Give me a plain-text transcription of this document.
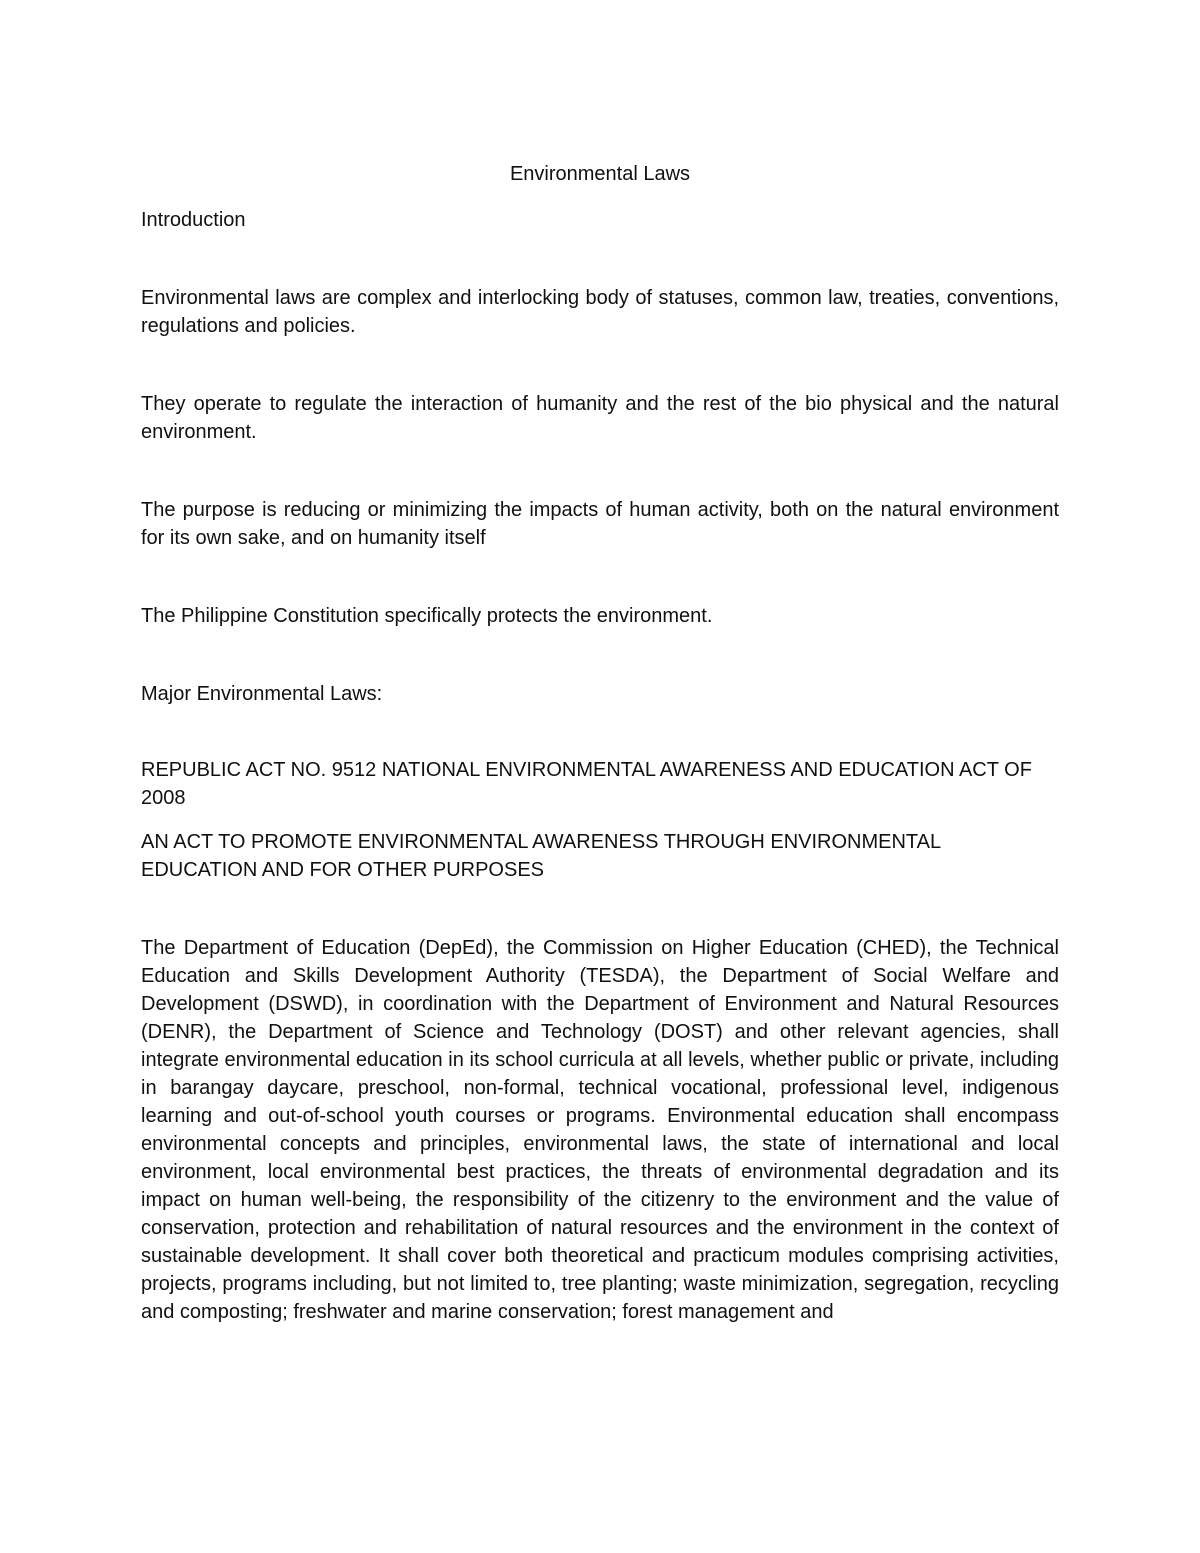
Environmental Laws

Introduction

Environmental laws are complex and interlocking body of statuses, common law, treaties, conventions, regulations and policies.

They operate to regulate the interaction of humanity and the rest of the bio physical and the natural environment.

The purpose is reducing or minimizing the impacts of human activity, both on the natural environment for its own sake, and on humanity itself

The Philippine Constitution specifically protects the environment.

Major Environmental Laws:

REPUBLIC ACT NO. 9512 NATIONAL ENVIRONMENTAL AWARENESS AND EDUCATION ACT OF 2008

AN ACT TO PROMOTE ENVIRONMENTAL AWARENESS THROUGH ENVIRONMENTAL EDUCATION AND FOR OTHER PURPOSES

The Department of Education (DepEd), the Commission on Higher Education (CHED), the Technical Education and Skills Development Authority (TESDA), the Department of Social Welfare and Development (DSWD), in coordination with the Department of Environment and Natural Resources (DENR), the Department of Science and Technology (DOST) and other relevant agencies, shall integrate environmental education in its school curricula at all levels, whether public or private, including in barangay daycare, preschool, non-formal, technical vocational, professional level, indigenous learning and out-of-school youth courses or programs. Environmental education shall encompass environmental concepts and principles, environmental laws, the state of international and local environment, local environmental best practices, the threats of environmental degradation and its impact on human well-being, the responsibility of the citizenry to the environment and the value of conservation, protection and rehabilitation of natural resources and the environment in the context of sustainable development. It shall cover both theoretical and practicum modules comprising activities, projects, programs including, but not limited to, tree planting; waste minimization, segregation, recycling and composting; freshwater and marine conservation; forest management and
